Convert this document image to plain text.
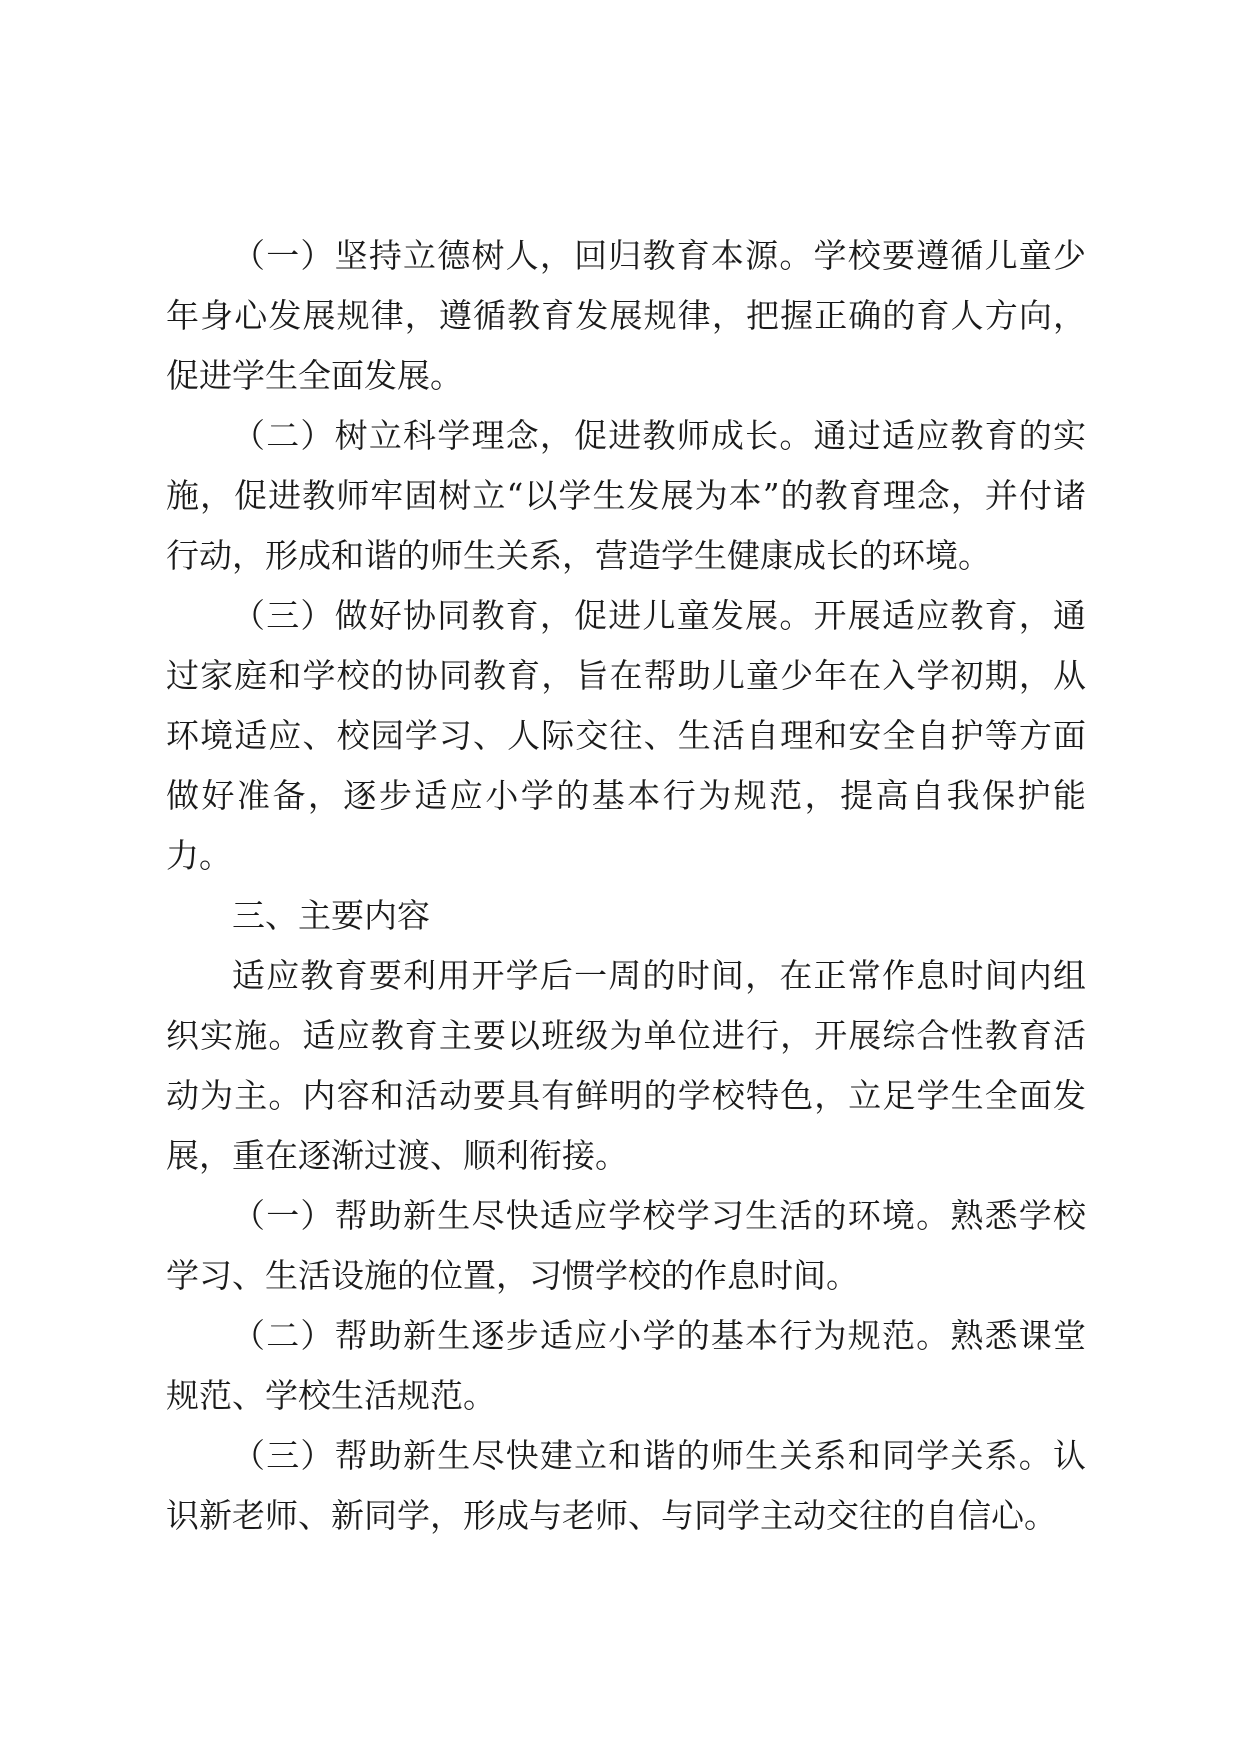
（一）坚持立德树人，回归教育本源。学校要遵循儿童少年身心发展规律，遵循教育发展规律，把握正确的育人方向，促进学生全面发展。

（二）树立科学理念，促进教师成长。通过适应教育的实施，促进教师牢固树立“以学生发展为本”的教育理念，并付诸行动，形成和谐的师生关系，营造学生健康成长的环境。

（三）做好协同教育，促进儿童发展。开展适应教育，通过家庭和学校的协同教育，旨在帮助儿童少年在入学初期，从环境适应、校园学习、人际交往、生活自理和安全自护等方面做好准备，逐步适应小学的基本行为规范，提高自我保护能力。

三、主要内容

适应教育要利用开学后一周的时间，在正常作息时间内组织实施。适应教育主要以班级为单位进行，开展综合性教育活动为主。内容和活动要具有鲜明的学校特色，立足学生全面发展，重在逐渐过渡、顺利衔接。

（一）帮助新生尽快适应学校学习生活的环境。熟悉学校学习、生活设施的位置，习惯学校的作息时间。

（二）帮助新生逐步适应小学的基本行为规范。熟悉课堂规范、学校生活规范。

（三）帮助新生尽快建立和谐的师生关系和同学关系。认识新老师、新同学，形成与老师、与同学主动交往的自信心。
